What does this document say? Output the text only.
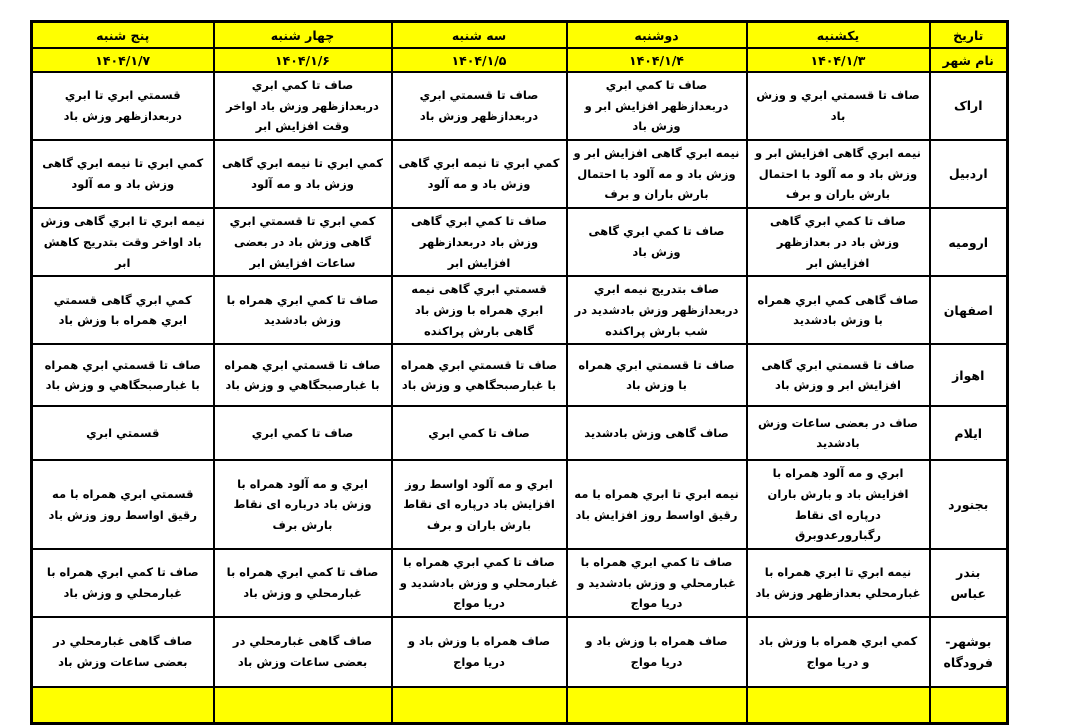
تاریخ	یکشنبه	دوشنبه	سه شنبه	چهار شنبه	پنج شنبه
نام شهر	۱۴۰۴/۱/۳	۱۴۰۴/۱/۴	۱۴۰۴/۱/۵	۱۴۰۴/۱/۶	۱۴۰۴/۱/۷
اراک	صاف تا قسمتي ابري و وزش باد	صاف تا كمي ابري دربعدازظهر افزايش ابر و وزش باد	صاف تا قسمتي ابري دربعدازظهر وزش باد	صاف تا كمي ابري دربعدازظهر وزش باد اواخر وقت افزايش ابر	قسمتي ابري تا ابري دربعدازظهر وزش باد
اردبیل	نيمه ابري گاهی افزايش ابر و وزش باد و مه آلود با احتمال بارش باران و برف	نيمه ابري گاهی افزايش ابر و وزش باد و مه آلود با احتمال بارش باران و برف	كمي ابري تا نيمه ابري گاهی وزش باد و مه آلود	كمي ابري تا نيمه ابري گاهی وزش باد و مه آلود	كمي ابري تا نيمه ابري گاهی وزش باد و مه آلود
ارومیه	صاف تا كمي ابري گاهی وزش باد در بعدازظهر افزايش ابر	صاف تا كمي ابري گاهی وزش باد	صاف تا كمي ابري گاهی وزش باد دربعدازظهر افزايش ابر	كمي ابري تا قسمتي ابري گاهی وزش باد در بعضی ساعات افزايش ابر	نيمه ابري تا ابري گاهی وزش باد اواخر وقت بتدريج كاهش ابر
اصفهان	صاف گاهی كمي ابري همراه با وزش بادشديد	صاف بتدريج نيمه ابري دربعدازظهر وزش بادشديد در شب بارش پراكنده	قسمتي ابري گاهی نيمه ابري همراه با وزش باد گاهی بارش پراكنده	صاف تا كمي ابري همراه با وزش بادشديد	كمي ابري گاهی قسمتي ابري همراه با وزش باد
اهواز	صاف تا قسمتي ابري گاهی افزايش ابر و وزش باد	صاف تا قسمتي ابري همراه با وزش باد	صاف تا قسمتي ابري همراه با غبارصبحگاهي و وزش باد	صاف تا قسمتي ابري همراه با غبارصبحگاهي و وزش باد	صاف تا قسمتي ابري همراه با غبارصبحگاهي و وزش باد
ایلام	صاف در بعضی ساعات وزش بادشديد	صاف گاهی وزش بادشديد	صاف تا كمي ابري	صاف تا كمي ابري	قسمتي ابري
بجنورد	ابري و مه آلود همراه با افزايش باد و بارش باران درپاره ای نقاط رگبارورعدوبرق	نيمه ابري تا ابري همراه با مه رقيق اواسط روز افزايش باد	ابري و مه آلود اواسط روز افزايش باد درپاره ای نقاط بارش باران و برف	ابري و مه آلود همراه با وزش باد درباره ای نقاط بارش برف	قسمتي ابري همراه با مه رقيق اواسط روز وزش باد
بندر عباس	نيمه ابري تا ابري همراه با غبارمحلي بعدازظهر وزش باد	صاف تا كمي ابري همراه با غبارمحلي و وزش بادشديد و دريا مواج	صاف تا كمي ابري همراه با غبارمحلي و وزش بادشديد و دريا مواج	صاف تا كمي ابري همراه با غبارمحلي و وزش باد	صاف تا كمي ابري همراه با غبارمحلي و وزش باد
بوشهر- فرودگاه	كمي ابري همراه با وزش باد و دريا مواج	صاف همراه با وزش باد و دريا مواج	صاف همراه با وزش باد و دريا مواج	صاف گاهی غبارمحلي در بعضی ساعات وزش باد	صاف گاهی غبارمحلي در بعضی ساعات وزش باد
